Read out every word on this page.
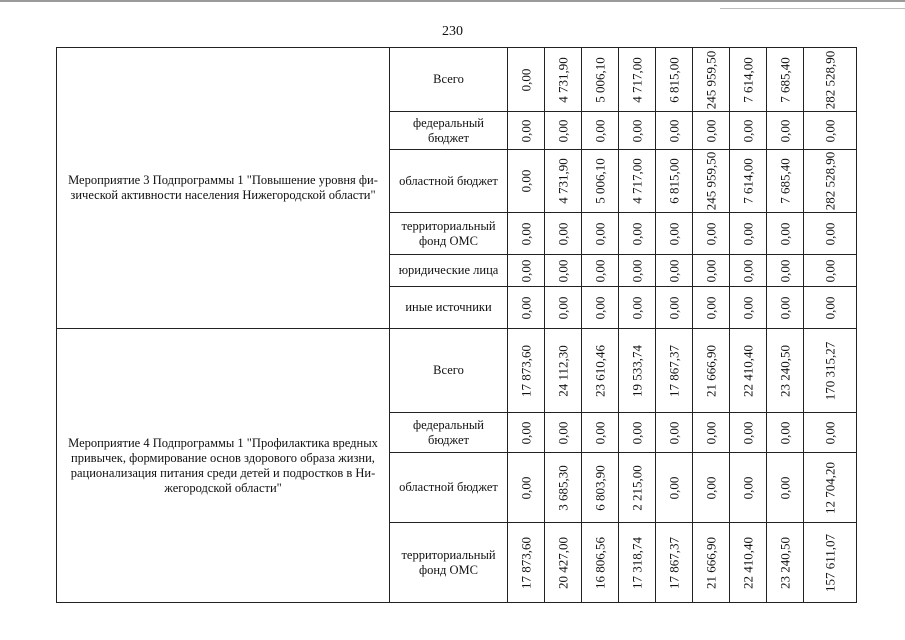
230
Мероприятие 3 Подпрограммы 1 "Повышение уровня фи-зической активности населения Нижегородской области"	Всего	0,00	4 731,90	5 006,10	4 717,00	6 815,00	245 959,50	7 614,00	7 685,40	282 528,90

	федеральный бюджет	0,00	0,00	0,00	0,00	0,00	0,00	0,00	0,00	0,00

	областной бюджет	0,00	4 731,90	5 006,10	4 717,00	6 815,00	245 959,50	7 614,00	7 685,40	282 528,90

	территориальный фонд ОМС	0,00	0,00	0,00	0,00	0,00	0,00	0,00	0,00	0,00

	юридические лица	0,00	0,00	0,00	0,00	0,00	0,00	0,00	0,00	0,00

	иные источники	0,00	0,00	0,00	0,00	0,00	0,00	0,00	0,00	0,00

Мероприятие 4 Подпрограммы 1 "Профилактика вредных привычек, формирование основ здорового образа жизни, рационализация питания среди детей и подростков в Ни-жегородской области"	Всего	17 873,60	24 112,30	23 610,46	19 533,74	17 867,37	21 666,90	22 410,40	23 240,50	170 315,27

	федеральный бюджет	0,00	0,00	0,00	0,00	0,00	0,00	0,00	0,00	0,00

	областной бюджет	0,00	3 685,30	6 803,90	2 215,00	0,00	0,00	0,00	0,00	12 704,20

	территориальный фонд ОМС	17 873,60	20 427,00	16 806,56	17 318,74	17 867,37	21 666,90	22 410,40	23 240,50	157 611,07
